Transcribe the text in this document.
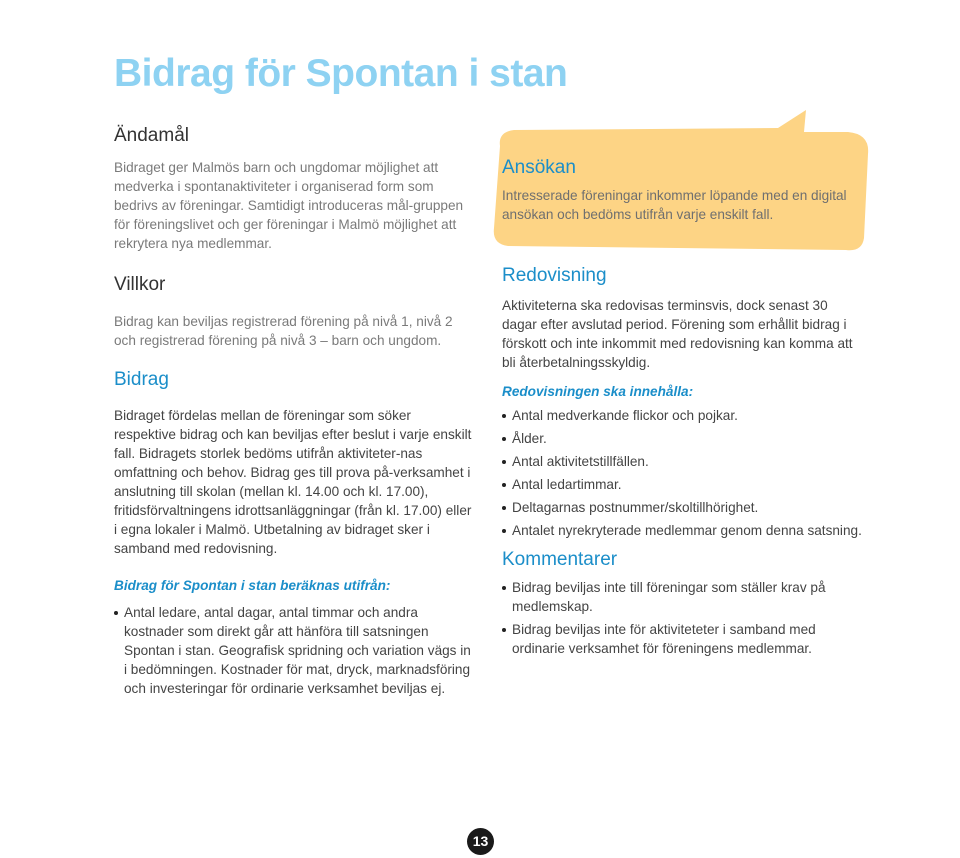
Bidrag för Spontan i stan
Ändamål

Bidraget ger Malmös barn och ungdomar möjlighet att medverka i spontanaktiviteter i organiserad form som bedrivs av föreningar. Samtidigt introduceras mål-gruppen för föreningslivet och ger föreningar i Malmö möjlighet att rekrytera nya medlemmar.

Villkor

Bidrag kan beviljas registrerad förening på nivå 1, nivå 2 och registrerad förening på nivå 3 – barn och ungdom.

Bidrag

Bidraget fördelas mellan de föreningar som söker respektive bidrag och kan beviljas efter beslut i varje enskilt fall. Bidragets storlek bedöms utifrån aktiviteter-nas omfattning och behov. Bidrag ges till prova på-verksamhet i anslutning till skolan (mellan kl. 14.00 och kl. 17.00), fritidsförvaltningens idrottsanläggningar (från kl. 17.00) eller i egna lokaler i Malmö. Utbetalning av bidraget sker i samband med redovisning.

Bidrag för Spontan i stan beräknas utifrån:

Antal ledare, antal dagar, antal timmar och andra kostnader som direkt går att hänföra till satsningen Spontan i stan. Geografisk spridning och variation vägs in i bedömningen. Kostnader för mat, dryck, marknadsföring och investeringar för ordinarie verksamhet beviljas ej.
Ansökan

Intresserade föreningar inkommer löpande med en digital ansökan och bedöms utifrån varje enskilt fall.

Redovisning

Aktiviteterna ska redovisas terminsvis, dock senast 30 dagar efter avslutad period. Förening som erhållit bidrag i förskott och inte inkommit med redovisning kan komma att bli återbetalningsskyldig.

Redovisningen ska innehålla:

Antal medverkande flickor och pojkar.
Ålder.
Antal aktivitetstillfällen.
Antal ledartimmar.
Deltagarnas postnummer/skoltillhörighet.
Antalet nyrekryterade medlemmar genom denna satsning.
Kommentarer
Bidrag beviljas inte till föreningar som ställer krav på medlemskap.
Bidrag beviljas inte för aktiviteteter i samband med ordinarie verksamhet för föreningens medlemmar.
13
